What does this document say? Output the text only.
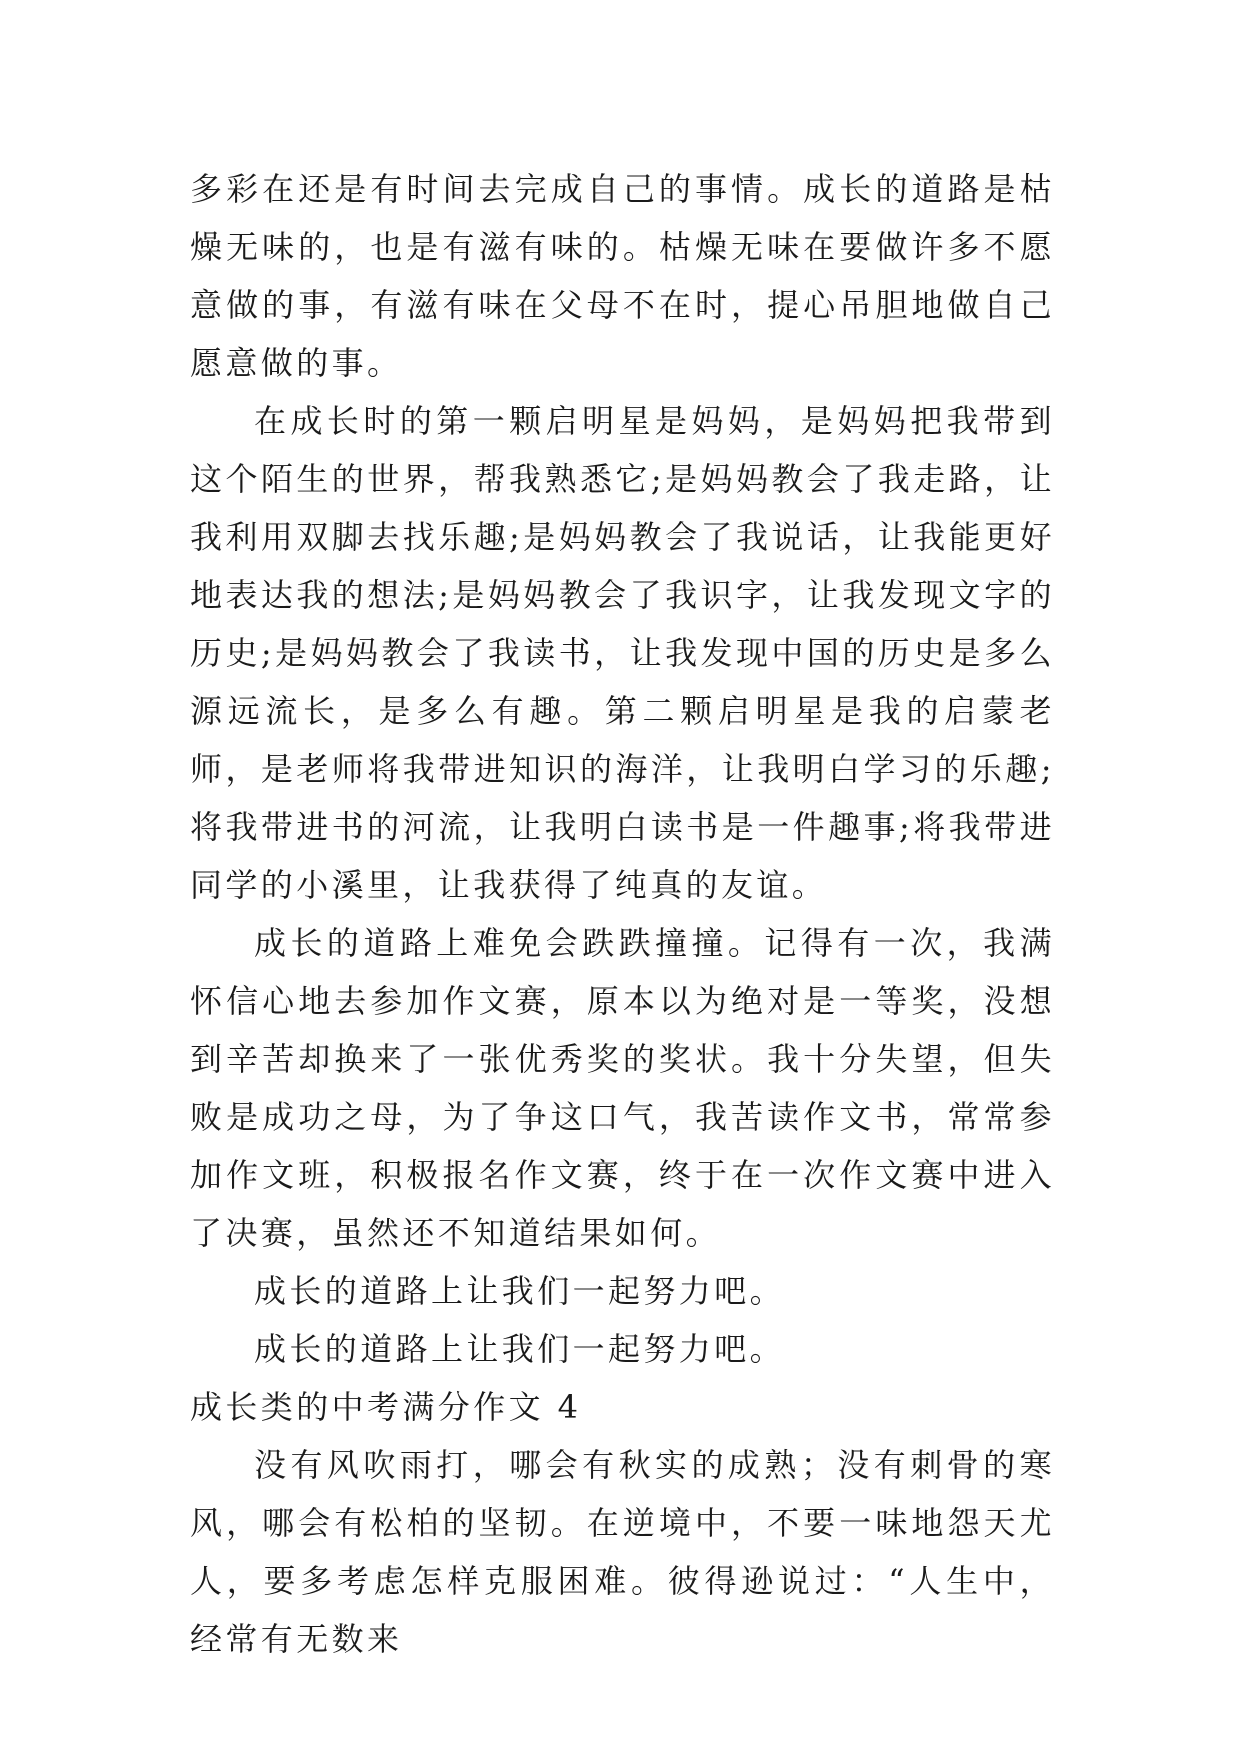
多彩在还是有时间去完成自己的事情。成长的道路是枯燥无味的，也是有滋有味的。枯燥无味在要做许多不愿意做的事，有滋有味在父母不在时，提心吊胆地做自己愿意做的事。

在成长时的第一颗启明星是妈妈，是妈妈把我带到这个陌生的世界，帮我熟悉它;是妈妈教会了我走路，让我利用双脚去找乐趣;是妈妈教会了我说话，让我能更好地表达我的想法;是妈妈教会了我识字，让我发现文字的历史;是妈妈教会了我读书，让我发现中国的历史是多么源远流长，是多么有趣。第二颗启明星是我的启蒙老师，是老师将我带进知识的海洋，让我明白学习的乐趣;将我带进书的河流，让我明白读书是一件趣事;将我带进同学的小溪里，让我获得了纯真的友谊。

成长的道路上难免会跌跌撞撞。记得有一次，我满怀信心地去参加作文赛，原本以为绝对是一等奖，没想到辛苦却换来了一张优秀奖的奖状。我十分失望，但失败是成功之母，为了争这口气，我苦读作文书，常常参加作文班，积极报名作文赛，终于在一次作文赛中进入了决赛，虽然还不知道结果如何。

成长的道路上让我们一起努力吧。

成长的道路上让我们一起努力吧。

成长类的中考满分作文 4

没有风吹雨打，哪会有秋实的成熟；没有刺骨的寒风，哪会有松柏的坚韧。在逆境中，不要一味地怨天尤人，要多考虑怎样克服困难。彼得逊说过：“人生中，经常有无数来
